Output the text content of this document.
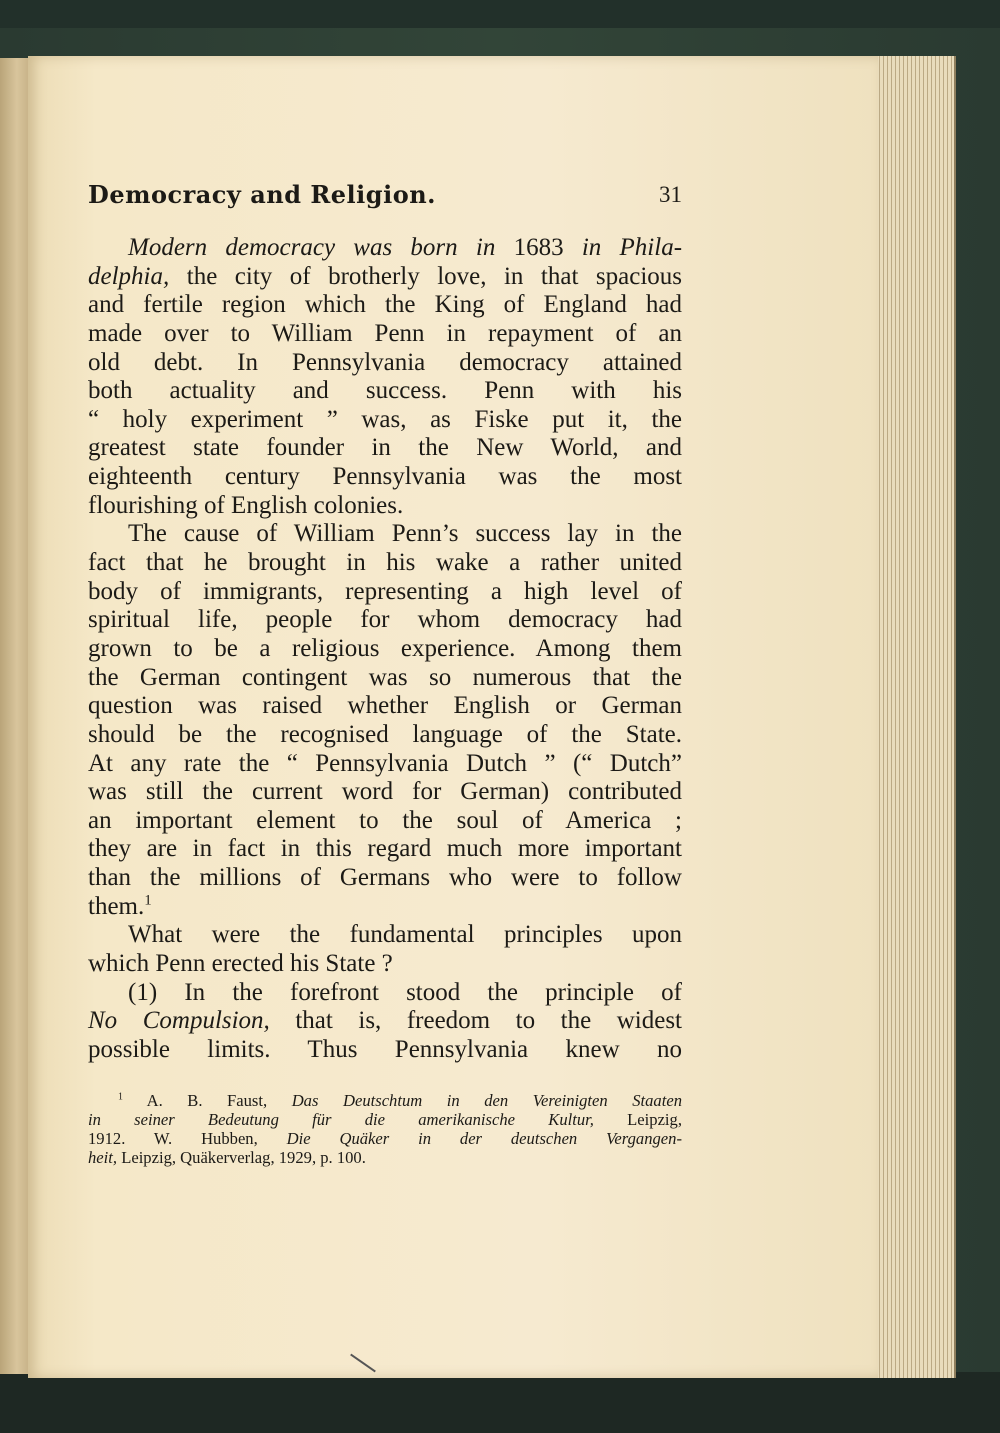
Democracy and Religion.	31
Modern democracy was born in 1683 in Phila-
delphia, the city of brotherly love, in that spacious
and fertile region which the King of England had
made over to William Penn in repayment of an
old debt. In Pennsylvania democracy attained
both actuality and success. Penn with his
“ holy experiment ” was, as Fiske put it, the
greatest state founder in the New World, and
eighteenth century Pennsylvania was the most
flourishing of English colonies.
The cause of William Penn’s success lay in the
fact that he brought in his wake a rather united
body of immigrants, representing a high level of
spiritual life, people for whom democracy had
grown to be a religious experience. Among them
the German contingent was so numerous that the
question was raised whether English or German
should be the recognised language of the State.
At any rate the “ Pennsylvania Dutch ” (“ Dutch”
was still the current word for German) contributed
an important element to the soul of America ;
they are in fact in this regard much more important
than the millions of Germans who were to follow
them.$^1$
What were the fundamental principles upon
which Penn erected his State ?
(1) In the forefront stood the principle of
No Compulsion, that is, freedom to the widest
possible limits. Thus Pennsylvania knew no
$^1$ A. B. Faust, Das Deutschtum in den Vereinigten Staaten
in seiner Bedeutung für die amerikanische Kultur, Leipzig,
1912. W. Hubben, Die Quäker in der deutschen Vergangen-
heit, Leipzig, Quäkerverlag, 1929, p. 100.
